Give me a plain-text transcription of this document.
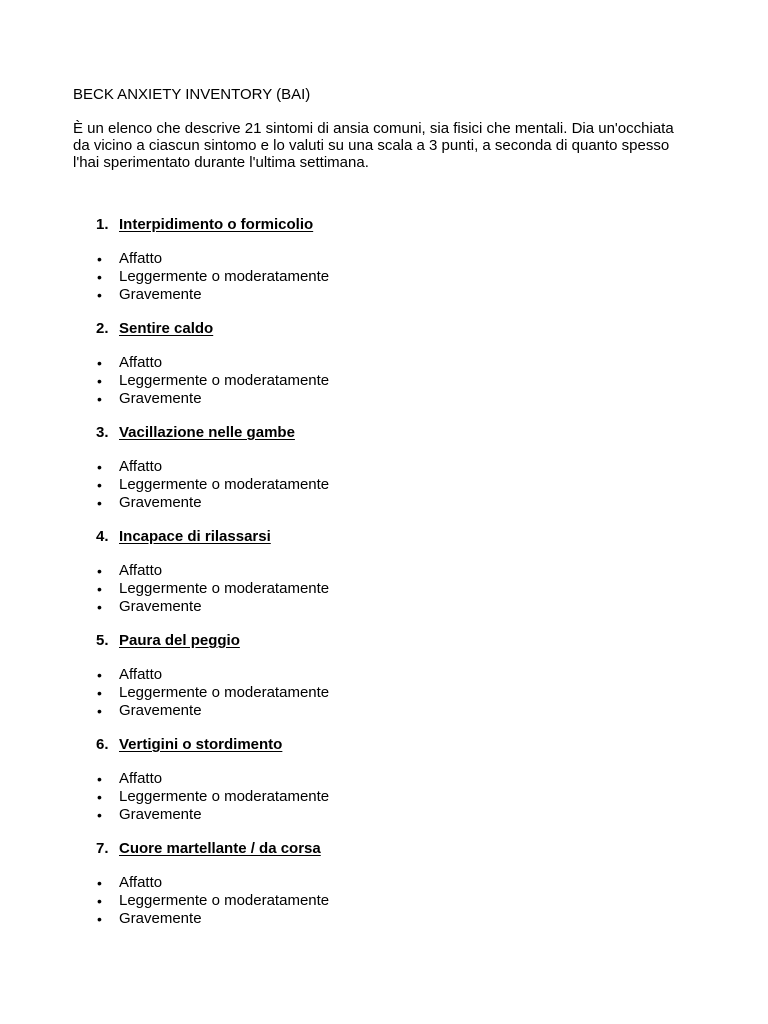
BECK ANXIETY INVENTORY (BAI)
È un elenco che descrive 21 sintomi di ansia comuni, sia fisici che mentali. Dia un'occhiata
da vicino a ciascun sintomo e lo valuti su una scala a 3 punti, a seconda di quanto spesso
l'hai sperimentato durante l'ultima settimana.
1. Interpidimento o formicolio
• Affatto
• Leggermente o moderatamente
• Gravemente
2. Sentire caldo
• Affatto
• Leggermente o moderatamente
• Gravemente
3. Vacillazione nelle gambe
• Affatto
• Leggermente o moderatamente
• Gravemente
4. Incapace di rilassarsi
• Affatto
• Leggermente o moderatamente
• Gravemente
5. Paura del peggio
• Affatto
• Leggermente o moderatamente
• Gravemente
6. Vertigini o stordimento
• Affatto
• Leggermente o moderatamente
• Gravemente
7. Cuore martellante / da corsa
• Affatto
• Leggermente o moderatamente
• Gravemente
